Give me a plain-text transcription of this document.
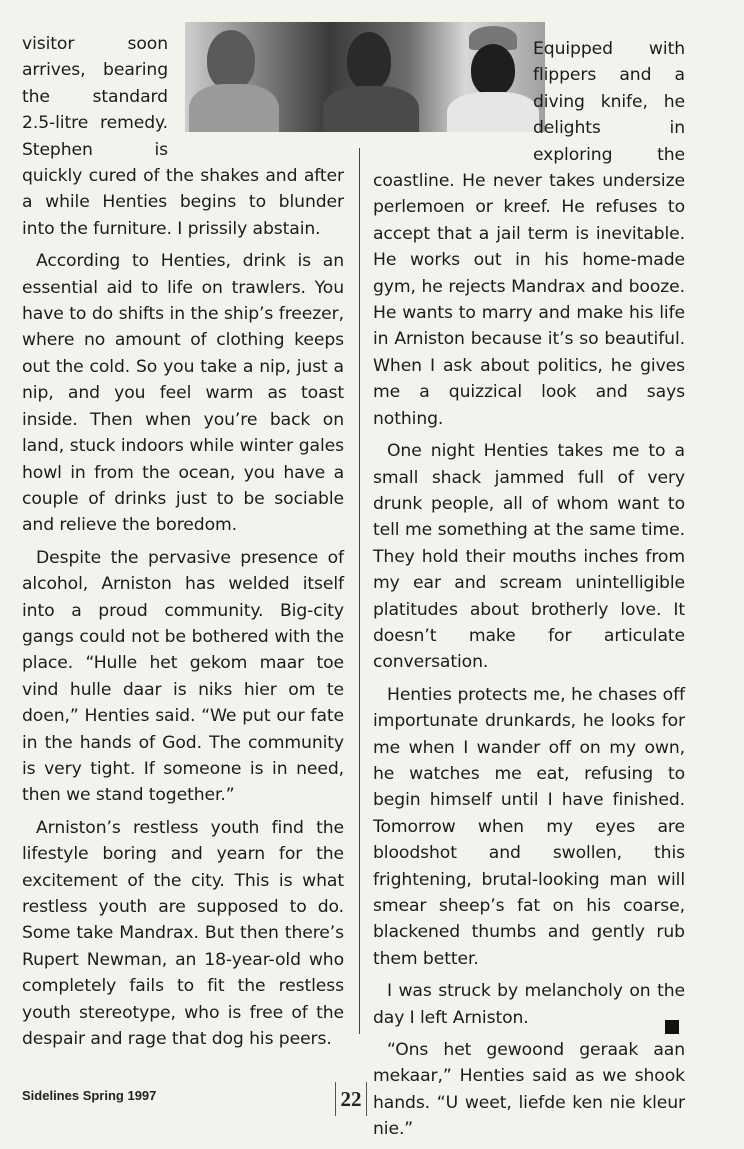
visitor soon arrives, bearing the standard 2.5-litre remedy. Stephen is quickly cured of the shakes and after a while Henties begins to blunder into the furniture. I prissily abstain.

According to Henties, drink is an essential aid to life on trawlers. You have to do shifts in the ship’s freezer, where no amount of clothing keeps out the cold. So you take a nip, just a nip, and you feel warm as toast inside. Then when you’re back on land, stuck indoors while winter gales howl in from the ocean, you have a couple of drinks just to be sociable and relieve the boredom.

Despite the pervasive presence of alcohol, Arniston has welded itself into a proud community. Big-city gangs could not be bothered with the place. “Hulle het gekom maar toe vind hulle daar is niks hier om te doen,” Henties said. “We put our fate in the hands of God. The community is very tight. If someone is in need, then we stand together.”

Arniston’s restless youth find the lifestyle boring and yearn for the excitement of the city. This is what restless youth are supposed to do. Some take Mandrax. But then there’s Rupert Newman, an 18-year-old who completely fails to fit the restless youth stereotype, who is free of the despair and rage that dog his peers.

Equipped with flippers and a diving knife, he delights in exploring the coastline. He never takes undersize perlemoen or kreef. He refuses to accept that a jail term is inevitable. He works out in his home-made gym, he rejects Mandrax and booze. He wants to marry and make his life in Arniston because it’s so beautiful. When I ask about politics, he gives me a quizzical look and says nothing.

One night Henties takes me to a small shack jammed full of very drunk people, all of whom want to tell me something at the same time. They hold their mouths inches from my ear and scream unintelligible platitudes about brotherly love. It doesn’t make for articulate conversation.

Henties protects me, he chases off importunate drunkards, he looks for me when I wander off on my own, he watches me eat, refusing to begin himself until I have finished. Tomorrow when my eyes are bloodshot and swollen, this frightening, brutal-looking man will smear sheep’s fat on his coarse, blackened thumbs and gently rub them better.

I was struck by melancholy on the day I left Arniston.

“Ons het gewoond geraak aan mekaar,” Henties said as we shook hands. “U weet, liefde ken nie kleur nie.”

Sidelines Spring 1997	22
